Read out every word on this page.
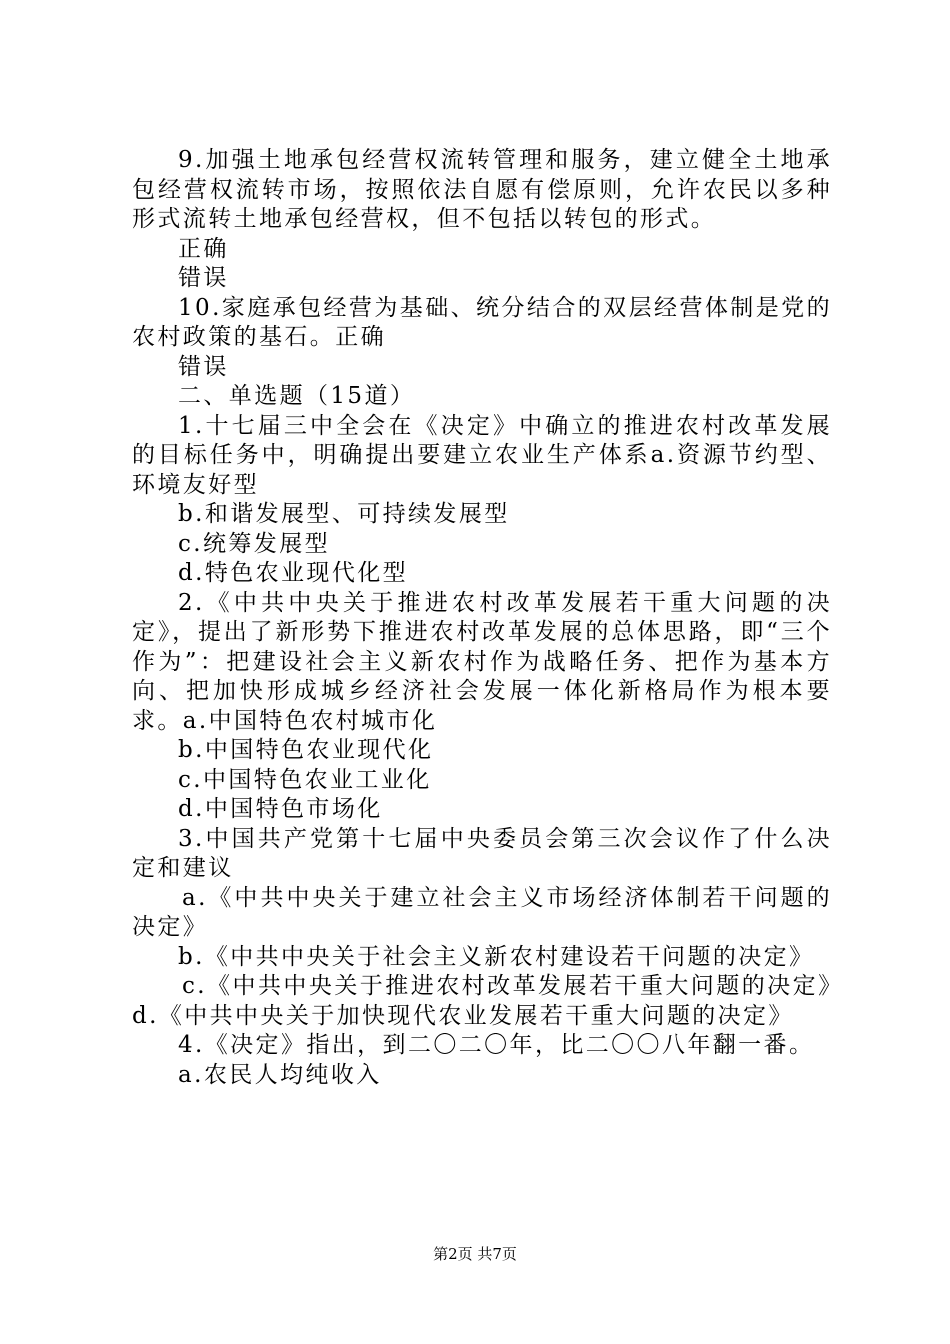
9.加强土地承包经营权流转管理和服务，建立健全土地承包经营权流转市场，按照依法自愿有偿原则，允许农民以多种形式流转土地承包经营权，但不包括以转包的形式。

正确

错误

10.家庭承包经营为基础、统分结合的双层经营体制是党的农村政策的基石。正确

错误

二、单选题（15道）

1.十七届三中全会在《决定》中确立的推进农村改革发展的目标任务中，明确提出要建立农业生产体系a.资源节约型、环境友好型

b.和谐发展型、可持续发展型

c.统筹发展型

d.特色农业现代化型

2.《中共中央关于推进农村改革发展若干重大问题的决定》，提出了新形势下推进农村改革发展的总体思路，即“三个作为”：把建设社会主义新农村作为战略任务、把作为基本方向、把加快形成城乡经济社会发展一体化新格局作为根本要求。a.中国特色农村城市化

b.中国特色农业现代化

c.中国特色农业工业化

d.中国特色市场化

3.中国共产党第十七届中央委员会第三次会议作了什么决定和建议

a.《中共中央关于建立社会主义市场经济体制若干问题的决定》

b.《中共中央关于社会主义新农村建设若干问题的决定》

c.《中共中央关于推进农村改革发展若干重大问题的决定》d.《中共中央关于加快现代农业发展若干重大问题的决定》

4.《决定》指出，到二〇二〇年，比二〇〇八年翻一番。

a.农民人均纯收入

第2页 共7页
